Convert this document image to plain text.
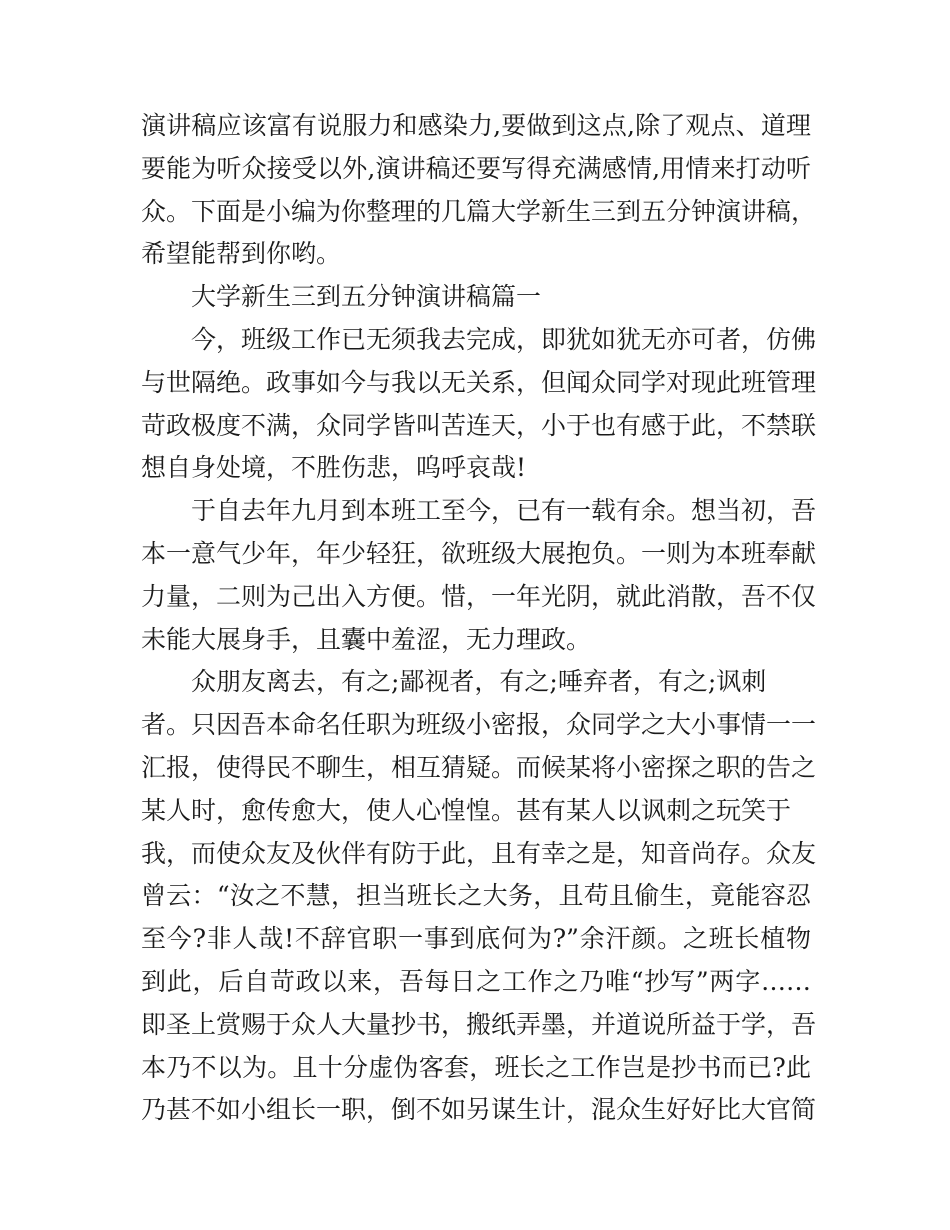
演讲稿应该富有说服力和感染力,要做到这点,除了观点、道理
要能为听众接受以外,演讲稿还要写得充满感情,用情来打动听
众。下面是小编为你整理的几篇大学新生三到五分钟演讲稿，
希望能帮到你哟。
大学新生三到五分钟演讲稿篇一
今，班级工作已无须我去完成，即犹如犹无亦可者，仿佛
与世隔绝。政事如今与我以无关系，但闻众同学对现此班管理
苛政极度不满，众同学皆叫苦连天，小于也有感于此，不禁联
想自身处境，不胜伤悲，呜呼哀哉!
于自去年九月到本班工至今，已有一载有余。想当初，吾
本一意气少年，年少轻狂，欲班级大展抱负。一则为本班奉献
力量，二则为己出入方便。惜，一年光阴，就此消散，吾不仅
未能大展身手，且囊中羞涩，无力理政。
众朋友离去，有之;鄙视者，有之;唾弃者，有之;讽刺
者。只因吾本命名任职为班级小密报，众同学之大小事情一一
汇报，使得民不聊生，相互猜疑。而候某将小密探之职的告之
某人时，愈传愈大，使人心惶惶。甚有某人以讽刺之玩笑于
我，而使众友及伙伴有防于此，且有幸之是，知音尚存。众友
曾云：“汝之不慧，担当班长之大务，且苟且偷生，竟能容忍
至今?非人哉!不辞官职一事到底何为?”余汗颜。之班长植物
到此，后自苛政以来，吾每日之工作之乃唯“抄写”两字……
即圣上赏赐于众人大量抄书，搬纸弄墨，并道说所益于学，吾
本乃不以为。且十分虚伪客套，班长之工作岂是抄书而已?此
乃甚不如小组长一职，倒不如另谋生计，混众生好好比大官简
